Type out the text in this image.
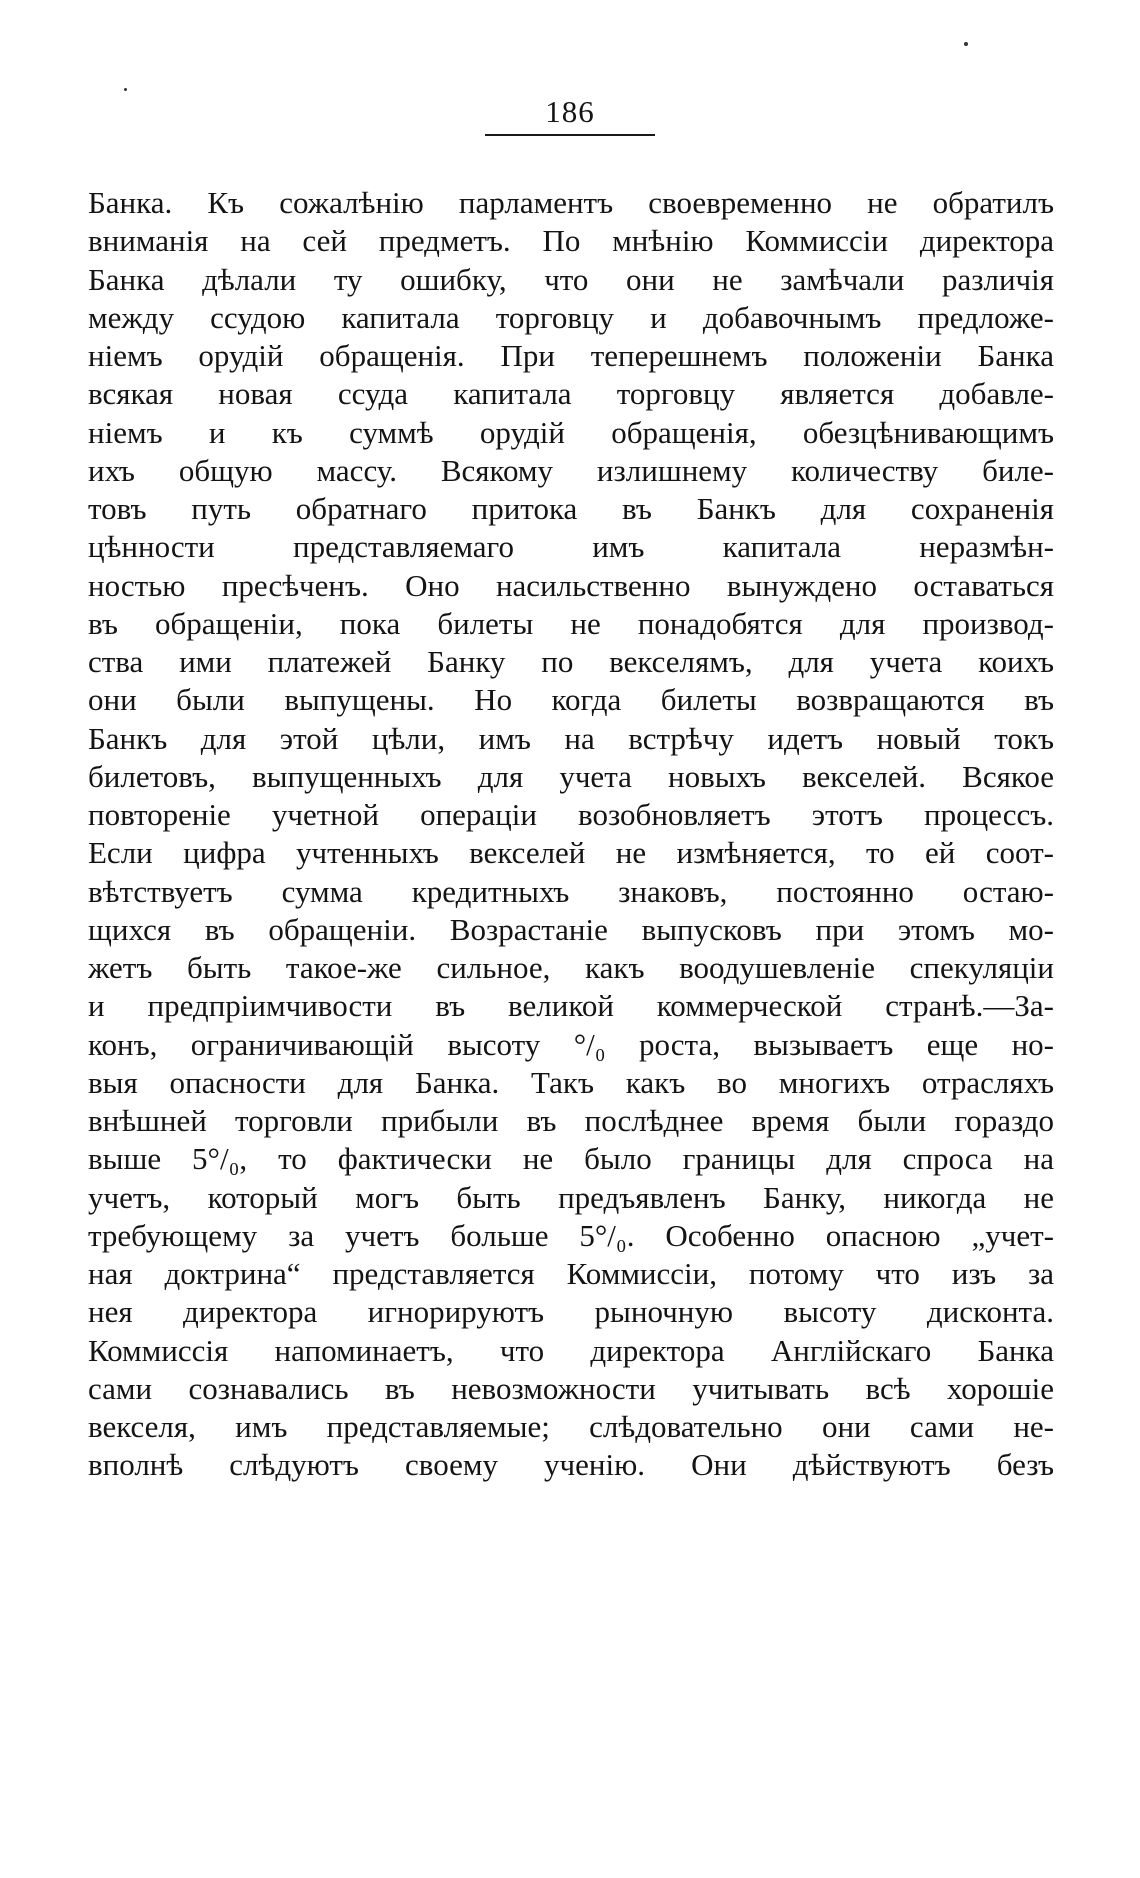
186
Банка. Къ сожалѣнію парламентъ своевременно не обратилъ
вниманія на сей предметъ. По мнѣнію Коммиссіи директора
Банка дѣлали ту ошибку, что они не замѣчали различія
между ссудою капитала торговцу и добавочнымъ предложе-
ніемъ орудій обращенія. При теперешнемъ положеніи Банка
всякая новая ссуда капитала торговцу является добавле-
ніемъ и къ суммѣ орудій обращенія, обезцѣнивающимъ
ихъ общую массу. Всякому излишнему количеству биле-
товъ путь обратнаго притока въ Банкъ для сохраненія
цѣнности представляемаго имъ капитала неразмѣн-
ностью пресѣченъ. Оно насильственно вынуждено оставаться
въ обращеніи, пока билеты не понадобятся для производ-
ства ими платежей Банку по векселямъ, для учета коихъ
они были выпущены. Но когда билеты возвращаются въ
Банкъ для этой цѣли, имъ на встрѣчу идетъ новый токъ
билетовъ, выпущенныхъ для учета новыхъ векселей. Всякое
повтореніе учетной операціи возобновляетъ этотъ процессъ.
Если цифра учтенныхъ векселей не измѣняется, то ей соот-
вѣтствуетъ сумма кредитныхъ знаковъ, постоянно остаю-
щихся въ обращеніи. Возрастаніе выпусковъ при этомъ мо-
жетъ быть такое-же сильное, какъ воодушевленіе спекуляціи
и предпріимчивости въ великой коммерческой странѣ.—За-
конъ, ограничивающій высоту °/₀ роста, вызываетъ еще но-
выя опасности для Банка. Такъ какъ во многихъ отрасляхъ
внѣшней торговли прибыли въ послѣднее время были гораздо
выше 5°/₀, то фактически не было границы для спроса на
учетъ, который могъ быть предъявленъ Банку, никогда не
требующему за учетъ больше 5°/₀. Особенно опасною „учет-
ная доктрина“ представляется Коммиссіи, потому что изъ за
нея директора игнорируютъ рыночную высоту дисконта.
Коммиссія напоминаетъ, что директора Англійскаго Банка
сами сознавались въ невозможности учитывать всѣ хорошіе
векселя, имъ представляемые; слѣдовательно они сами не-
вполнѣ слѣдуютъ своему ученію. Они дѣйствуютъ безъ
